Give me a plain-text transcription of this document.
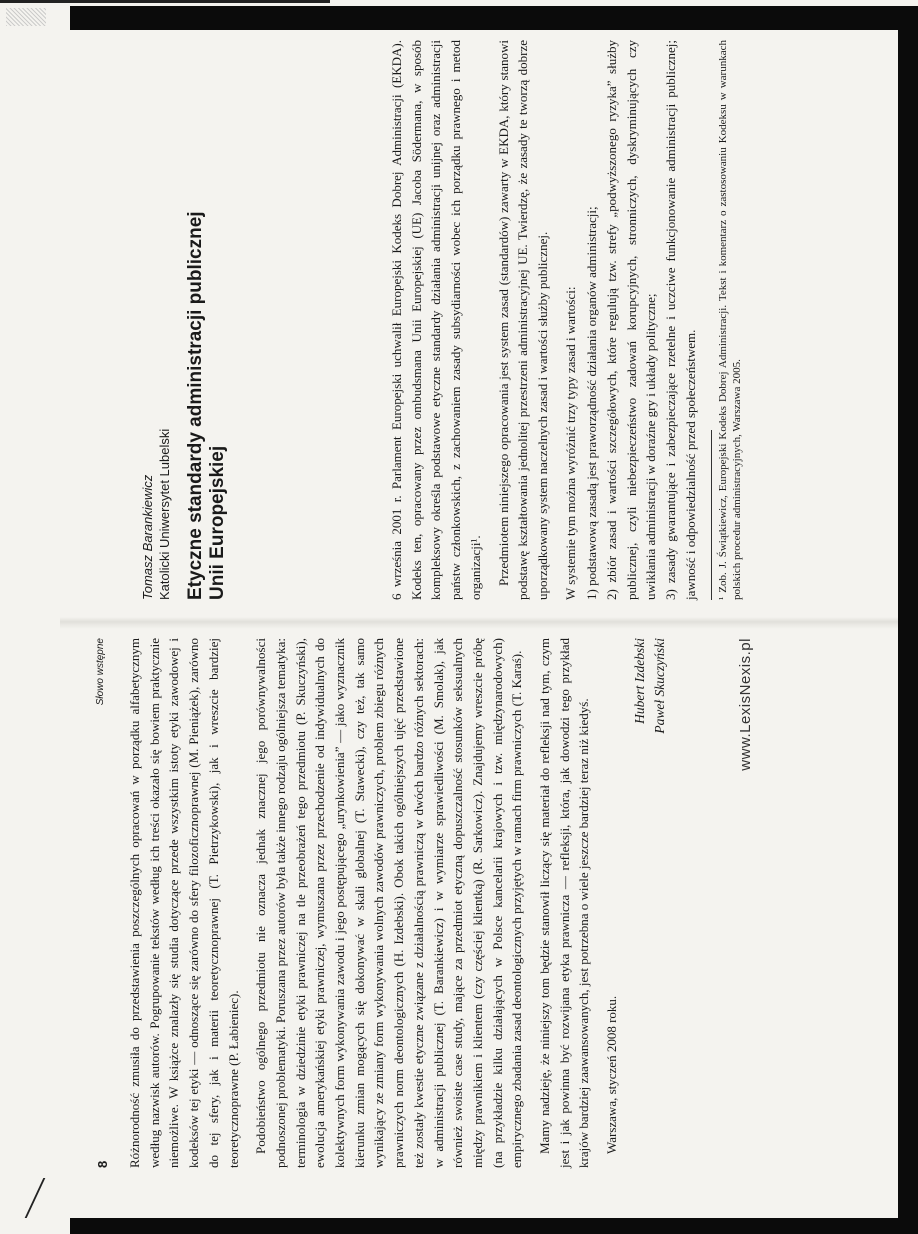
8
Słowo wstępne Różnorodność zmusiła do przedstawienia poszczególnych opracowań w porządku alfabetycznym według nazwisk autorów. Pogrupowanie tekstów według ich treści okazało się bowiem praktycznie niemożliwe. W książce znalazły się studia dotyczące przede wszystkim istoty etyki zawodowej i kodeksów tej etyki — odnoszące się zarówno do sfery filozoficznoprawnej (M. Pieniążek), zarówno do tej sfery, jak i materii teoretycznoprawnej (T. Pietrzykowski), jak i wreszcie bardziej teoretycznoprawne (P. Łabieniec). Podobieństwo ogólnego przedmiotu nie oznacza jednak znacznej jego porównywalności podnoszonej problematyki. Poruszana przez autorów była także innego rodzaju ogólniejsza tematyka: terminologia w dziedzinie etyki prawniczej na tle przeobrażeń tego przedmiotu (P. Skuczyński), ewolucja amerykańskiej etyki prawniczej, wymuszana przez przechodzenie od indywidualnych do kolektywnych form wykonywania zawodu i jego postępującego „urynkowienia” — jako wyznacznik kierunku zmian mogących się dokonywać w skali globalnej (T. Stawecki), czy też, tak samo wynikający ze zmiany form wykonywania wolnych zawodów prawniczych, problem zbiegu różnych prawniczych norm deontologicznych (H. Izdebski). Obok takich ogólniejszych ujęć przedstawione też zostały kwestie etyczne związane z działalnością prawniczą w dwóch bardzo różnych sektorach: w administracji publicznej (T. Barankiewicz) i w wymiarze sprawiedliwości (M. Smolak), jak również swoiste case study, mające za przedmiot etyczną dopuszczalność stosunków seksualnych między prawnikiem i klientem (czy częściej klientką) (R. Sarkowicz). Znajdujemy wreszcie próbę (na przykładzie kilku działających w Polsce kancelarii krajowych i tzw. międzynarodowych) empirycznego zbadania zasad deontologicznych przyjętych w ramach firm prawniczych (T. Karaś). Mamy nadzieję, że niniejszy tom będzie stanowił liczący się materiał do refleksji nad tym, czym jest i jak powinna być rozwijana etyka prawnicza — refleksji, która, jak dowodzi tego przykład krajów bardziej zaawansowanych, jest potrzebna o wiele jeszcze bardziej teraz niż kiedyś. Warszawa, styczeń 2008 roku.

Hubert Izdebski Paweł Skuczyński	www.LexisNexis.pl
Tomasz Barankiewicz Katolicki Uniwersytet Lubelski Etyczne standardy administracji publicznej Unii Europejskiej	6 września 2001 r. Parlament Europejski uchwalił Europejski Kodeks Dobrej Administracji (EKDA). Kodeks ten, opracowany przez ombudsmana Unii Europejskiej (UE) Jacoba Södermana, w sposób kompleksowy określa podstawowe etyczne standardy działania administracji unijnej oraz administracji państw członkowskich, z zachowaniem zasady subsydiarności wobec ich porządku prawnego i metod organizacji¹. Przedmiotem niniejszego opracowania jest system zasad (standardów) zawarty w EKDA, który stanowi podstawę kształtowania jednolitej przestrzeni administracyjnej UE. Twierdzę, że zasady te tworzą dobrze uporządkowany system naczelnych zasad i wartości służby publicznej. W systemie tym można wyróżnić trzy typy zasad i wartości: 1) podstawową zasadą jest praworządność działania organów administracji; 2) zbiór zasad i wartości szczegółowych, które regulują tzw. strefy „podwyższonego ryzyka” służby publicznej, czyli niebezpieczeństwo zadowań korupcyjnych, stronniczych, dyskryminujących czy uwikłania administracji w doraźne gry i układy polityczne; 3) zasady gwarantujące i zabezpieczające rzetelne i uczciwe funkcjonowanie administracji publicznej; jawność i odpowiedzialność przed społeczeństwem. ¹ Zob. J. Świątkiewicz, Europejski Kodeks Dobrej Administracji. Tekst i komentarz o zastosowaniu Kodeksu w warunkach polskich procedur administracyjnych, Warszawa 2005.
